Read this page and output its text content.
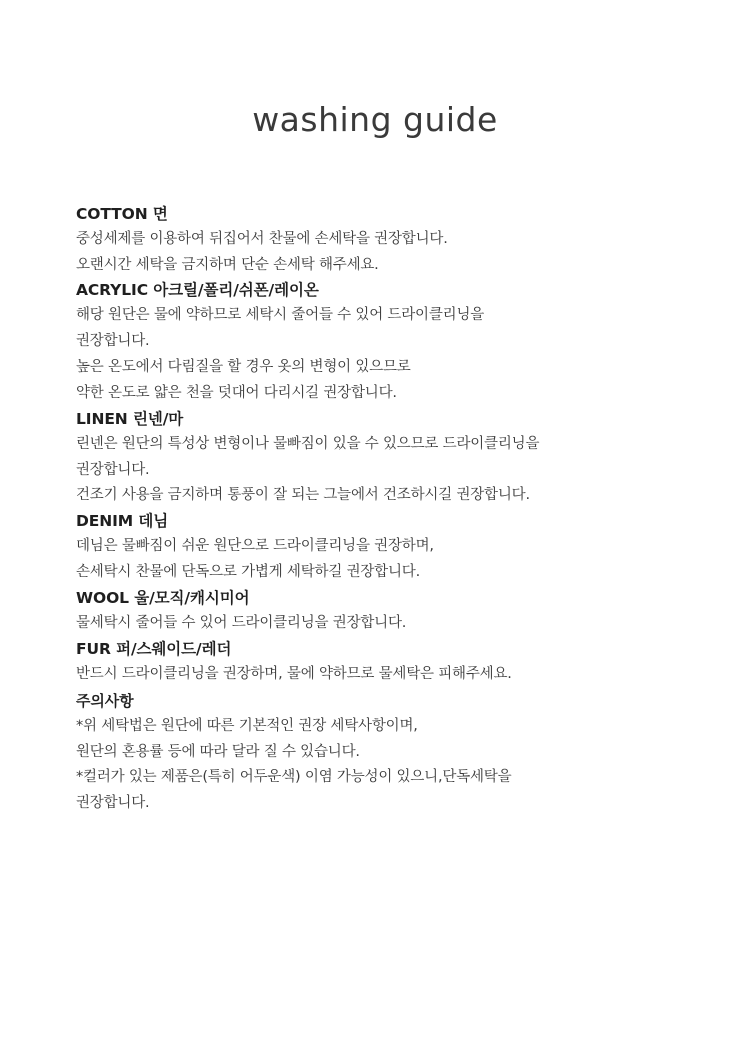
washing guide

COTTON 면

중성세제를 이용하여 뒤집어서 찬물에 손세탁을 권장합니다.

오랜시간 세탁을 금지하며 단순 손세탁 해주세요.

ACRYLIC 아크릴/폴리/쉬폰/레이온

해당 원단은 물에 약하므로 세탁시 줄어들 수 있어 드라이클리닝을

권장합니다.

높은 온도에서 다림질을 할 경우 옷의 변형이 있으므로

약한 온도로 얇은 천을 덧대어 다리시길 권장합니다.

LINEN 린넨/마

린넨은 원단의 특성상 변형이나 물빠짐이 있을 수 있으므로 드라이클리닝을

권장합니다.

건조기 사용을 금지하며 통풍이 잘 되는 그늘에서 건조하시길 권장합니다.

DENIM 데님

데님은 물빠짐이 쉬운 원단으로 드라이클리닝을 권장하며,

손세탁시 찬물에 단독으로 가볍게 세탁하길 권장합니다.

WOOL 울/모직/캐시미어

물세탁시 줄어들 수 있어 드라이클리닝을 권장합니다.

FUR 퍼/스웨이드/레더

반드시 드라이클리닝을 권장하며, 물에 약하므로 물세탁은 피해주세요.

주의사항

*위 세탁법은 원단에 따른 기본적인 권장 세탁사항이며,

원단의 혼용률 등에 따라 달라 질 수 있습니다.

*컬러가 있는 제품은(특히 어두운색) 이염 가능성이 있으니,단독세탁을

권장합니다.
